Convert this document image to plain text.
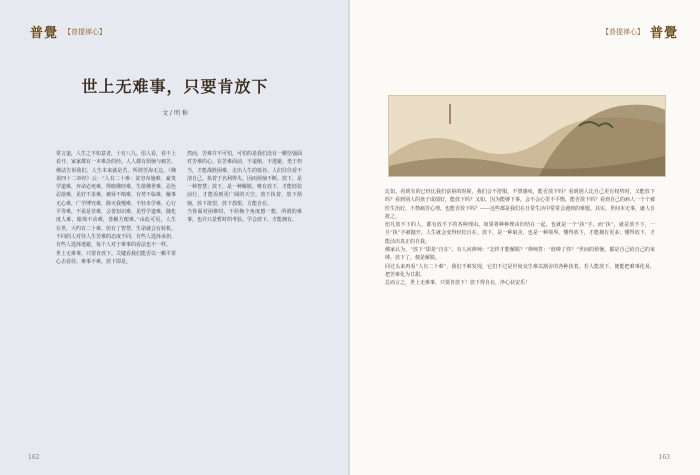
普覺 【普提禅心】
世上无难事，只要肯放下
文 / 明 称

常言道，人生之不如意者，十有八九。俗人看，看不上看开、家家都有一本难念的经。人人都有烦恼与痛苦。佛法告诉我们，人生本来就是苦。所谓苦海无边，《佛说四十二章经》云：“人有二十难：贫穷布施难，豪贵学道难，弃命必死难，得睹佛经难，生值佛世难，忍色忍欲难，见好不求难，被辱不嗔难，有势不临难，触事无心难，广学博究难，除灭我慢难，不轻未学难，心行平等难，不说是非难，会善知识难，见性学道难，随化度人难，睹境不动难，善解方便难。”由此可见，人生在世，大约有二十难，但有了智慧，生命就会有转机。不同的人对待人生苦难的态度不同，有些人选择承担，有些人选择逃避，每个人对于难事的看法也不一样。

世上无难事，只要肯放下。关键看我们能否以一颗平常心去看待。难事不难，放下即是。

然而，苦难并不可怕，可怕的是我们没有一颗坚强面对苦难的心。在苦难面前，不退缩，不逃避，勇于担当，才能战胜困难，走出人生的低谷。人们往往看不清自己，执着于名利得失，因而烦恼不断。放下，是一种智慧；放下，是一种解脱。唯有放下，才能轻装前行，才能看到更广阔的天空。放下执着，放下烦恼，放下欲望，放下怨恨，方能自在。

当你面对困难时，不妨换个角度想一想，所谓的难事，也许只是暂时的考验。学会放下，才能拥有。

162
【普提禅心】 普覺
163

比如，看到有的已经比我们富裕的时候，我们会不舒服，不禁感叹，能否放下吗？看到别人比自己更有权势时，又能放下吗？看到别人的孩子成绩好，能放下吗？又如，因为能够下事，会不会心里不平衡，能否放下吗？看到自己的病人一个个被医生治好，不禁痛苦心理，也能否放下吗？——这些都是我们在日常生活中常常会遇到的难题。其实，世间本无事，庸人自扰之。

但凡放不下的人，都有放不下的各种理由。如果将种种理由归结在一起，也就是一个“执”字。而“执”，就是放不下，一旦“执”字被抛开，人生就会变得轻松自在。放下，是一种取舍，也是一种境界。懂得放下，才能拥有更多；懂得放下，才能活出真正的自我。

佛家认为，“放下”即是“自在”。有人问禅师：“怎样才能解脱？”禅师答：“谁缚了你？”世间的烦恼，都是自己给自己的束缚。放下了，便是解脱。

回过头来再看“人有二十难”，我们不难发现，它们不过是世间众生难以割舍的各种执着。若人能放下，便能把难事化易，把苦难化为甘甜。

总而言之，世上无难事，只要肯放下！放下得自在，净心获安乐！
